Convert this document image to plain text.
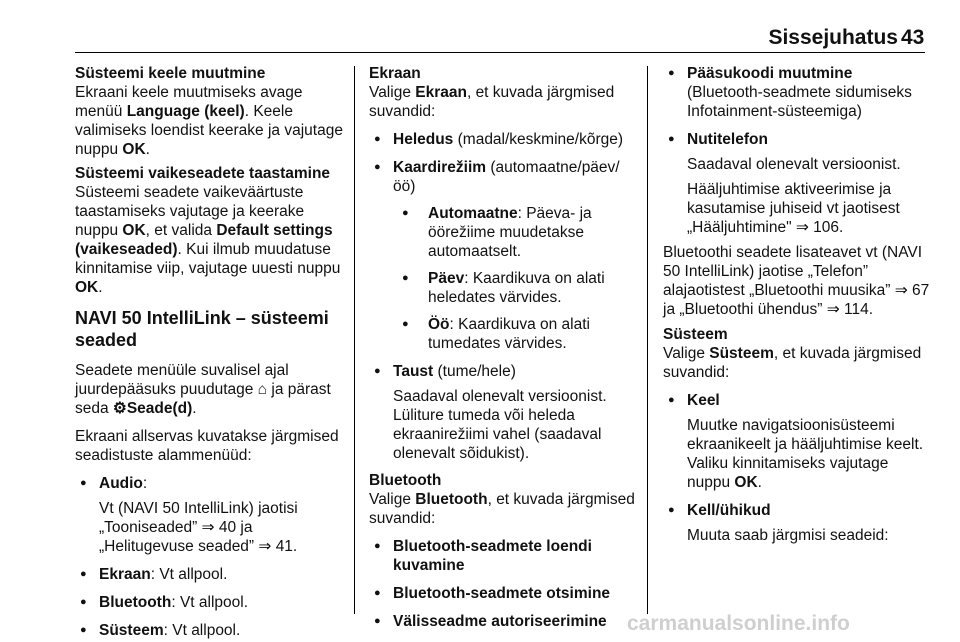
Sissejuhatus 43

Süsteemi keele muutmine

Ekraani keele muutmiseks avage menüü Language (keel). Keele valimiseks loendist keerake ja vajutage nuppu OK.

Süsteemi vaikeseadete taastamine

Süsteemi seadete vaikeväärtuste taastamiseks vajutage ja keerake nuppu OK, et valida Default settings (vaikeseaded). Kui ilmub muudatuse kinnitamise viip, vajutage uuesti nuppu OK.

NAVI 50 IntelliLink – süsteemi seaded

Seadete menüüle suvalisel ajal juurdepääsuks puudutage ⌂ ja pärast seda ⚙Seade(d).

Ekraani allservas kuvatakse järgmised seadistuste alammenüüd:

● Audio:

Vt (NAVI 50 IntelliLink) jaotisi „Tooniseaded” ⇒ 40 ja „Helitugevuse seaded” ⇒ 41.

● Ekraan: Vt allpool.
● Bluetooth: Vt allpool.
● Süsteem: Vt allpool.

Ekraan

Valige Ekraan, et kuvada järgmised suvandid:

● Heledus (madal/keskmine/kõrge)
● Kaardirežiim (automaatne/päev/öö)
● Automaatne: Päeva- ja öörežiime muudetakse automaatselt.
● Päev: Kaardikuva on alati heledates värvides.
● Öö: Kaardikuva on alati tumedates värvides.
● Taust (tume/hele)

Saadaval olenevalt versioonist. Lüliture tumeda või heleda ekraanirežiimi vahel (saadaval olenevalt sõidukist).

Bluetooth

Valige Bluetooth, et kuvada järgmised suvandid:

● Bluetooth-seadmete loendi kuvamine
● Bluetooth-seadmete otsimine
● Välisseadme autoriseerimine
● Pääsukoodi muutmine
(Bluetooth-seadmete sidumiseks Infotainment-süsteemiga)
● Nutitelefon

Saadaval olenevalt versioonist.

Hääljuhtimise aktiveerimise ja kasutamise juhiseid vt jaotisest „Hääljuhtimine" ⇒ 106.

Bluetoothi seadete lisateavet vt (NAVI 50 IntelliLink) jaotise „Telefon” alajaotistest „Bluetoothi muusika” ⇒ 67 ja „Bluetoothi ühendus” ⇒ 114.

Süsteem

Valige Süsteem, et kuvada järgmised suvandid:

● Keel

Muutke navigatsioonisüsteemi ekraanikeelt ja hääljuhtimise keelt. Valiku kinnitamiseks vajutage nuppu OK.

● Kell/ühikud

Muuta saab järgmisi seadeid:

carmanualsonline.info
